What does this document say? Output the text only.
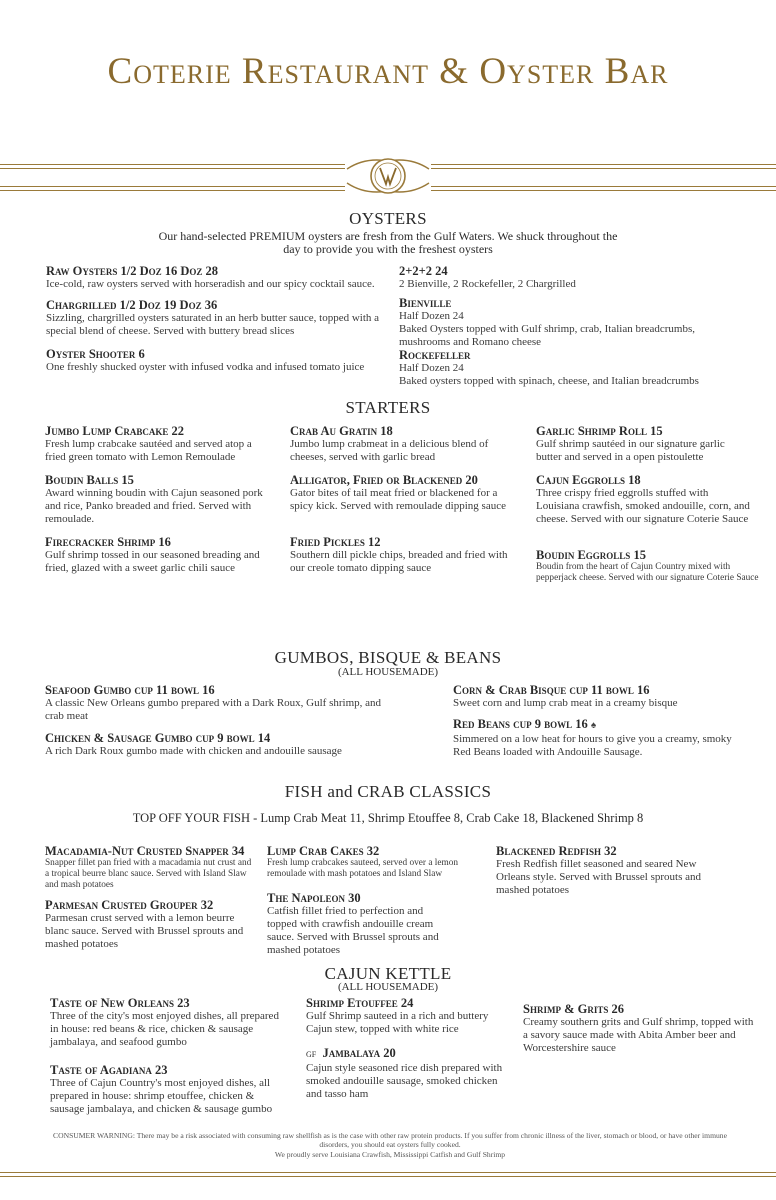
Coterie Restaurant & Oyster Bar
OYSTERS
Our hand-selected PREMIUM oysters are fresh from the Gulf Waters. We shuck throughout the day to provide you with the freshest oysters
Raw Oysters 1/2 Doz 16 Doz 28
Ice-cold, raw oysters served with horseradish and our spicy cocktail sauce.
Chargrilled 1/2 Doz 19 Doz 36
Sizzling, chargrilled oysters saturated in an herb butter sauce, topped with a special blend of cheese. Served with buttery bread slices
Oyster Shooter 6
One freshly shucked oyster with infused vodka and infused tomato juice
2+2+2 24
2 Bienville, 2 Rockefeller, 2 Chargrilled
Bienville
Half Dozen 24
Baked Oysters topped with Gulf shrimp, crab, Italian breadcrumbs, mushrooms and Romano cheese
Rockefeller
Half Dozen 24
Baked oysters topped with spinach, cheese, and Italian breadcrumbs
STARTERS
Jumbo Lump Crabcake 22
Fresh lump crabcake sautéed and served atop a fried green tomato with Lemon Remoulade
Boudin Balls 15
Award winning boudin with Cajun seasoned pork and rice, Panko breaded and fried. Served with remoulade.
Firecracker Shrimp 16
Gulf shrimp tossed in our seasoned breading and fried, glazed with a sweet garlic chili sauce
Crab Au Gratin 18
Jumbo lump crabmeat in a delicious blend of cheeses, served with garlic bread
Alligator, Fried or Blackened 20
Gator bites of tail meat fried or blackened for a spicy kick. Served with remoulade dipping sauce
Fried Pickles 12
Southern dill pickle chips, breaded and fried with our creole tomato dipping sauce
Garlic Shrimp Roll 15
Gulf shrimp sautéed in our signature garlic butter and served in a open pistoulette
Cajun Eggrolls 18
Three crispy fried eggrolls stuffed with Louisiana crawfish, smoked andouille, corn, and cheese. Served with our signature Coterie Sauce
Boudin Eggrolls 15
Boudin from the heart of Cajun Country mixed with pepperjack cheese. Served with our signature Coterie Sauce
GUMBOS, BISQUE & BEANS
(ALL HOUSEMADE)
Seafood Gumbo cup 11 bowl 16
A classic New Orleans gumbo prepared with a Dark Roux, Gulf shrimp, and crab meat
Chicken & Sausage Gumbo cup 9 bowl 14
A rich Dark Roux gumbo made with chicken and andouille sausage
Corn & Crab Bisque cup 11 bowl 16
Sweet corn and lump crab meat in a creamy bisque
Red Beans cup 9 bowl 16 ♠
Simmered on a low heat for hours to give you a creamy, smoky Red Beans loaded with Andouille Sausage.
FISH and CRAB CLASSICS
TOP OFF YOUR FISH - Lump Crab Meat 11, Shrimp Etouffee 8, Crab Cake 18, Blackened Shrimp 8
Macadamia-Nut Crusted Snapper 34
Snapper fillet pan fried with a macadamia nut crust and a tropical beurre blanc sauce. Served with Island Slaw and mash potatoes
Parmesan Crusted Grouper 32
Parmesan crust served with a lemon beurre blanc sauce. Served with Brussel sprouts and mashed potatoes
Lump Crab Cakes 32
Fresh lump crabcakes sauteed, served over a lemon remoulade with mash potatoes and Island Slaw
The Napoleon 30
Catfish fillet fried to perfection and topped with crawfish andouille cream sauce. Served with Brussel sprouts and mashed potatoes
Blackened Redfish 32
Fresh Redfish fillet seasoned and seared New Orleans style. Served with Brussel sprouts and mashed potatoes
CAJUN KETTLE
(ALL HOUSEMADE)
Taste of New Orleans 23
Three of the city's most enjoyed dishes, all prepared in house: red beans & rice, chicken & sausage jambalaya, and seafood gumbo
Taste of Agadiana 23
Three of Cajun Country's most enjoyed dishes, all prepared in house: shrimp etouffee, chicken & sausage jambalaya, and chicken & sausage gumbo
Shrimp Etouffee 24
Gulf Shrimp sauteed in a rich and buttery Cajun stew, topped with white rice
GF Jambalaya 20
Cajun style seasoned rice dish prepared with smoked andouille sausage, smoked chicken and tasso ham
Shrimp & Grits 26
Creamy southern grits and Gulf shrimp, topped with a savory sauce made with Abita Amber beer and Worcestershire sauce
CONSUMER WARNING: There may be a risk associated with consuming raw shellfish as is the case with other raw protein products. If you suffer from chronic illness of the liver, stomach or blood, or have other immune disorders, you should eat oysters fully cooked.
We proudly serve Louisiana Crawfish, Mississippi Catfish and Gulf Shrimp
